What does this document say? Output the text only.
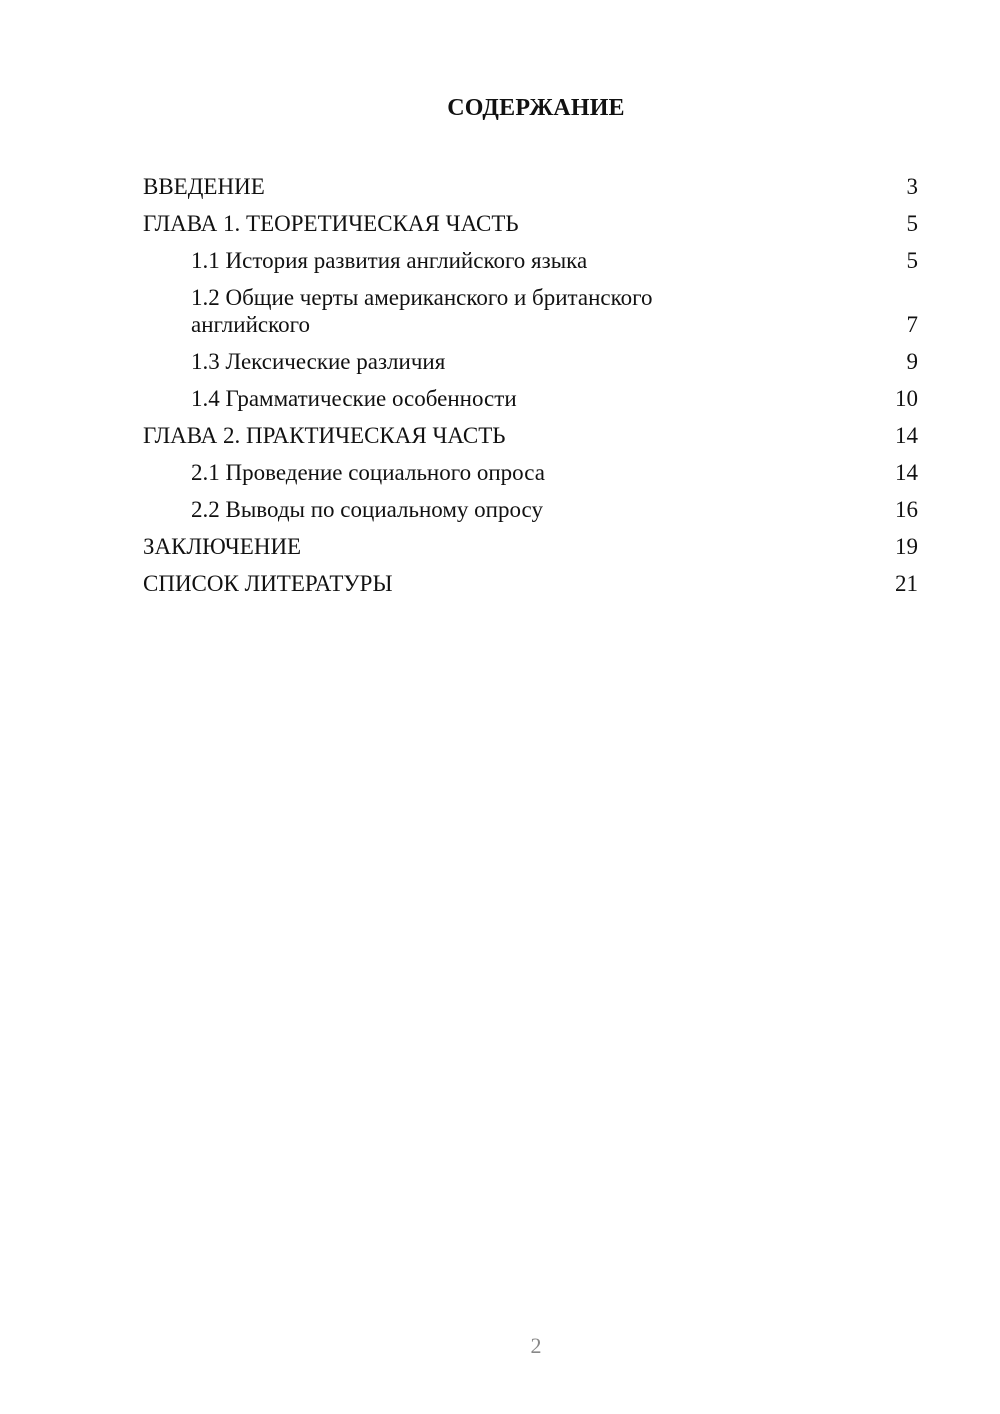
СОДЕРЖАНИЕ
ВВЕДЕНИЕ	3
ГЛАВА 1. ТЕОРЕТИЧЕСКАЯ ЧАСТЬ	5
1.1 История развития английского языка	5
1.2 Общие черты американского и британского английского	7
1.3 Лексические различия	9
1.4 Грамматические особенности	10
ГЛАВА 2. ПРАКТИЧЕСКАЯ ЧАСТЬ	14
2.1 Проведение социального опроса	14
2.2 Выводы по социальному опросу	16
ЗАКЛЮЧЕНИЕ	19
СПИСОК ЛИТЕРАТУРЫ	21
2
